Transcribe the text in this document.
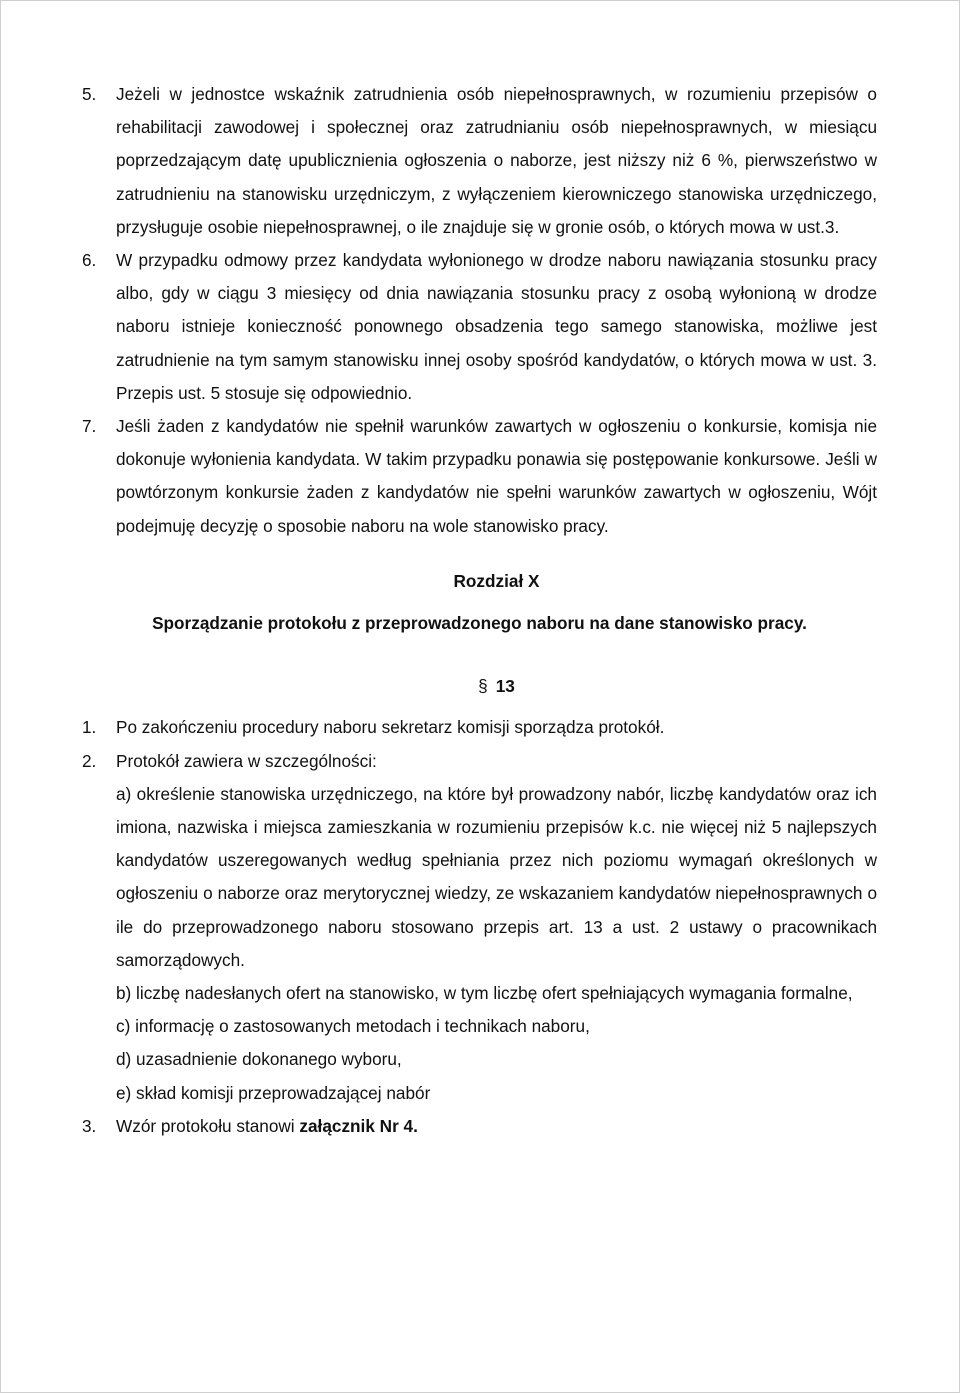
5. Jeżeli w jednostce wskaźnik zatrudnienia osób niepełnosprawnych, w rozumieniu przepisów o rehabilitacji zawodowej i społecznej oraz zatrudnianiu osób niepełnosprawnych, w miesiącu poprzedzającym datę upublicznienia ogłoszenia o naborze, jest niższy niż 6 %, pierwszeństwo w zatrudnieniu na stanowisku urzędniczym, z wyłączeniem kierowniczego stanowiska urzędniczego, przysługuje osobie niepełnosprawnej, o ile znajduje się w gronie osób, o których mowa w ust.3.
6. W przypadku odmowy przez kandydata wyłonionego w drodze naboru nawiązania stosunku pracy albo, gdy w ciągu 3 miesięcy od dnia nawiązania stosunku pracy z osobą wyłonioną w drodze naboru istnieje konieczność ponownego obsadzenia tego samego stanowiska, możliwe jest zatrudnienie na tym samym stanowisku innej osoby spośród kandydatów, o których mowa w ust. 3. Przepis ust. 5 stosuje się odpowiednio.
7. Jeśli żaden z kandydatów nie spełnił warunków zawartych w ogłoszeniu o konkursie, komisja nie dokonuje wyłonienia kandydata. W takim przypadku ponawia się postępowanie konkursowe. Jeśli w powtórzonym konkursie żaden z kandydatów nie spełni warunków zawartych w ogłoszeniu, Wójt podejmuję decyzję o sposobie naboru na wole stanowisko pracy.
Rozdział X
Sporządzanie protokołu z przeprowadzonego naboru na dane stanowisko pracy.
§ 13
1. Po zakończeniu procedury naboru sekretarz komisji sporządza protokół.
2. Protokół zawiera w szczególności:
a) określenie stanowiska urzędniczego, na które był prowadzony nabór, liczbę kandydatów oraz ich imiona, nazwiska i miejsca zamieszkania w rozumieniu przepisów k.c. nie więcej niż 5 najlepszych kandydatów uszeregowanych według spełniania przez nich poziomu wymagań określonych w ogłoszeniu o naborze oraz merytorycznej wiedzy, ze wskazaniem kandydatów niepełnosprawnych o ile do przeprowadzonego naboru stosowano przepis art. 13 a ust. 2 ustawy o pracownikach samorządowych.
b) liczbę nadesłanych ofert na stanowisko, w tym liczbę ofert spełniających wymagania formalne,
c) informację o zastosowanych metodach i technikach naboru,
d) uzasadnienie dokonanego wyboru,
e) skład komisji przeprowadzającej nabór
3. Wzór protokołu stanowi załącznik Nr 4.
